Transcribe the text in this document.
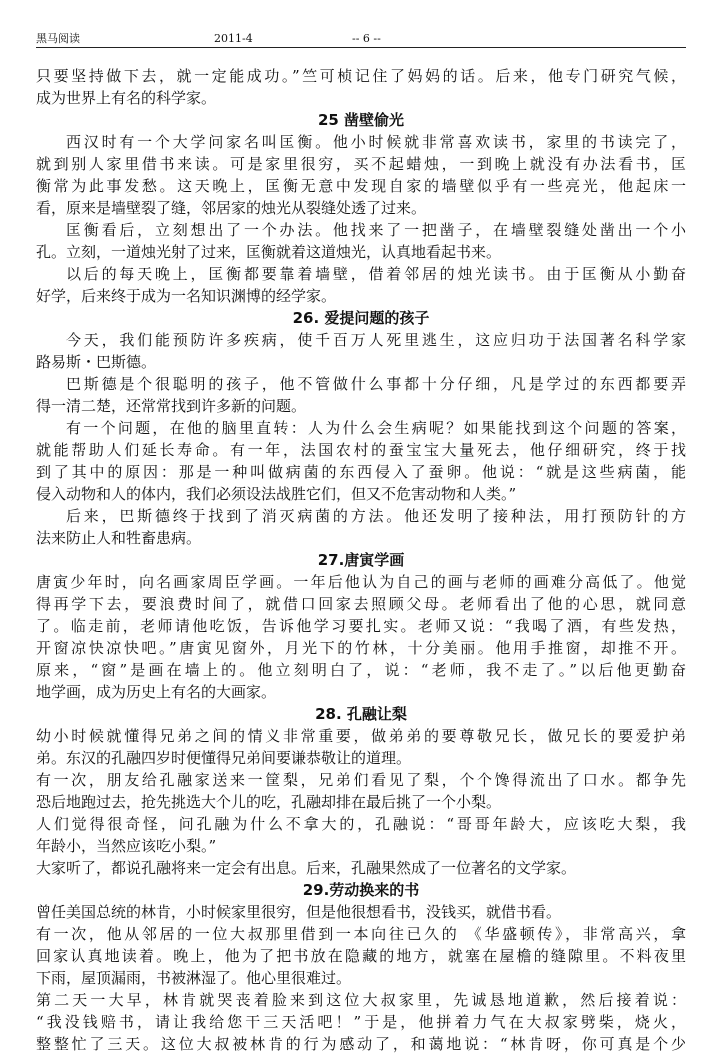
黑马阅读	2011-4	-- 6 --
只要坚持做下去，就一定能成功。”竺可桢记住了妈妈的话。后来，他专门研究气候，
成为世界上有名的科学家。
25 凿壁偷光
西汉时有一个大学问家名叫匡衡。他小时候就非常喜欢读书，家里的书读完了，
就到别人家里借书来读。可是家里很穷，买不起蜡烛，一到晚上就没有办法看书，匡
衡常为此事发愁。这天晚上，匡衡无意中发现自家的墙壁似乎有一些亮光，他起床一
看，原来是墙壁裂了缝，邻居家的烛光从裂缝处透了过来。
匡衡看后，立刻想出了一个办法。他找来了一把凿子，在墙壁裂缝处凿出一个小
孔。立刻，一道烛光射了过来，匡衡就着这道烛光，认真地看起书来。
以后的每天晚上，匡衡都要靠着墙壁，借着邻居的烛光读书。由于匡衡从小勤奋
好学，后来终于成为一名知识渊博的经学家。
26. 爱提问题的孩子
今天，我们能预防许多疾病，使千百万人死里逃生，这应归功于法国著名科学家
路易斯・巴斯德。
巴斯德是个很聪明的孩子，他不管做什么事都十分仔细，凡是学过的东西都要弄
得一清二楚，还常常找到许多新的问题。
有一个问题，在他的脑里直转：人为什么会生病呢？如果能找到这个问题的答案，
就能帮助人们延长寿命。有一年，法国农村的蚕宝宝大量死去，他仔细研究，终于找
到了其中的原因：那是一种叫做病菌的东西侵入了蚕卵。他说：“就是这些病菌，能
侵入动物和人的体内，我们必须设法战胜它们，但又不危害动物和人类。”
后来，巴斯德终于找到了消灭病菌的方法。他还发明了接种法，用打预防针的方
法来防止人和牲畜患病。
27.唐寅学画
唐寅少年时，向名画家周臣学画。一年后他认为自己的画与老师的画难分高低了。他觉
得再学下去，要浪费时间了，就借口回家去照顾父母。老师看出了他的心思，就同意
了。临走前，老师请他吃饭，告诉他学习要扎实。老师又说：“我喝了酒，有些发热，
开窗凉快凉快吧。”唐寅见窗外，月光下的竹林，十分美丽。他用手推窗，却推不开。
原来，“窗”是画在墙上的。他立刻明白了，说：“老师，我不走了。”以后他更勤奋
地学画，成为历史上有名的大画家。
28. 孔融让梨
幼小时候就懂得兄弟之间的情义非常重要，做弟弟的要尊敬兄长，做兄长的要爱护弟
弟。东汉的孔融四岁时便懂得兄弟间要谦恭敬让的道理。
有一次，朋友给孔融家送来一筐梨，兄弟们看见了梨，个个馋得流出了口水。都争先
恐后地跑过去，抢先挑选大个儿的吃，孔融却排在最后挑了一个小梨。
人们觉得很奇怪，问孔融为什么不拿大的，孔融说：“哥哥年龄大，应该吃大梨，我
年龄小，当然应该吃小梨。”
大家听了，都说孔融将来一定会有出息。后来，孔融果然成了一位著名的文学家。
29.劳动换来的书
曾任美国总统的林肯，小时候家里很穷，但是他很想看书，没钱买，就借书看。
有一次，他从邻居的一位大叔那里借到一本向往已久的 《华盛顿传》，非常高兴，拿
回家认真地读着。晚上，他为了把书放在隐藏的地方，就塞在屋檐的缝隙里。不料夜里
下雨，屋顶漏雨，书被淋湿了。他心里很难过。
第二天一大早，林肯就哭丧着脸来到这位大叔家里，先诚恳地道歉，然后接着说：
“我没钱赔书，请让我给您干三天活吧！”于是，他拼着力气在大叔家劈柴，烧火，
整整忙了三天。这位大叔被林肯的行为感动了，和蔼地说：“林肯呀，你可真是个少
